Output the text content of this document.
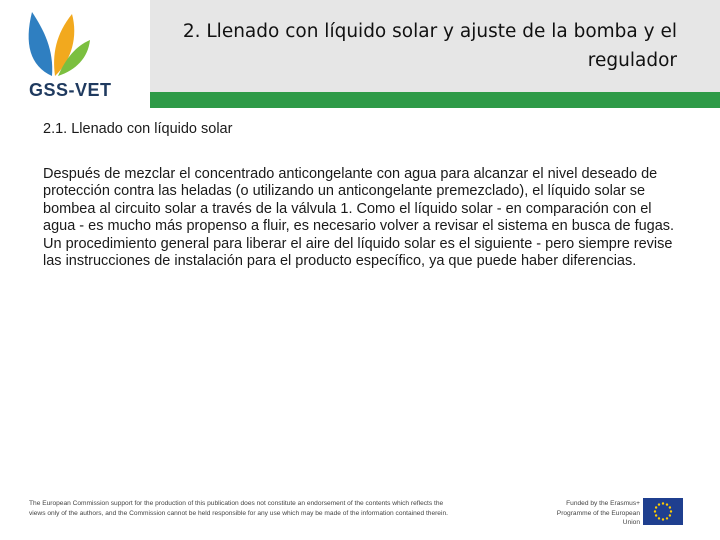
GSS-VET
2. Llenado con líquido solar y ajuste de la bomba y el regulador
2.1. Llenado con líquido solar
Después de mezclar el concentrado anticongelante con agua para alcanzar el nivel deseado de protección contra las heladas (o utilizando un anticongelante premezclado), el líquido solar se bombea al circuito solar a través de la válvula 1. Como el líquido solar - en comparación con el agua - es mucho más propenso a fluir, es necesario volver a revisar el sistema en busca de fugas. Un procedimiento general para liberar el aire del líquido solar es el siguiente - pero siempre revise las instrucciones de instalación para el producto específico, ya que puede haber diferencias.
The European Commission support for the production of this publication does not constitute an endorsement of the contents which reflects the views only of the authors, and the Commission cannot be held responsible for any use which may be made of the information contained therein.
Funded by the Erasmus+ Programme of the European Union
